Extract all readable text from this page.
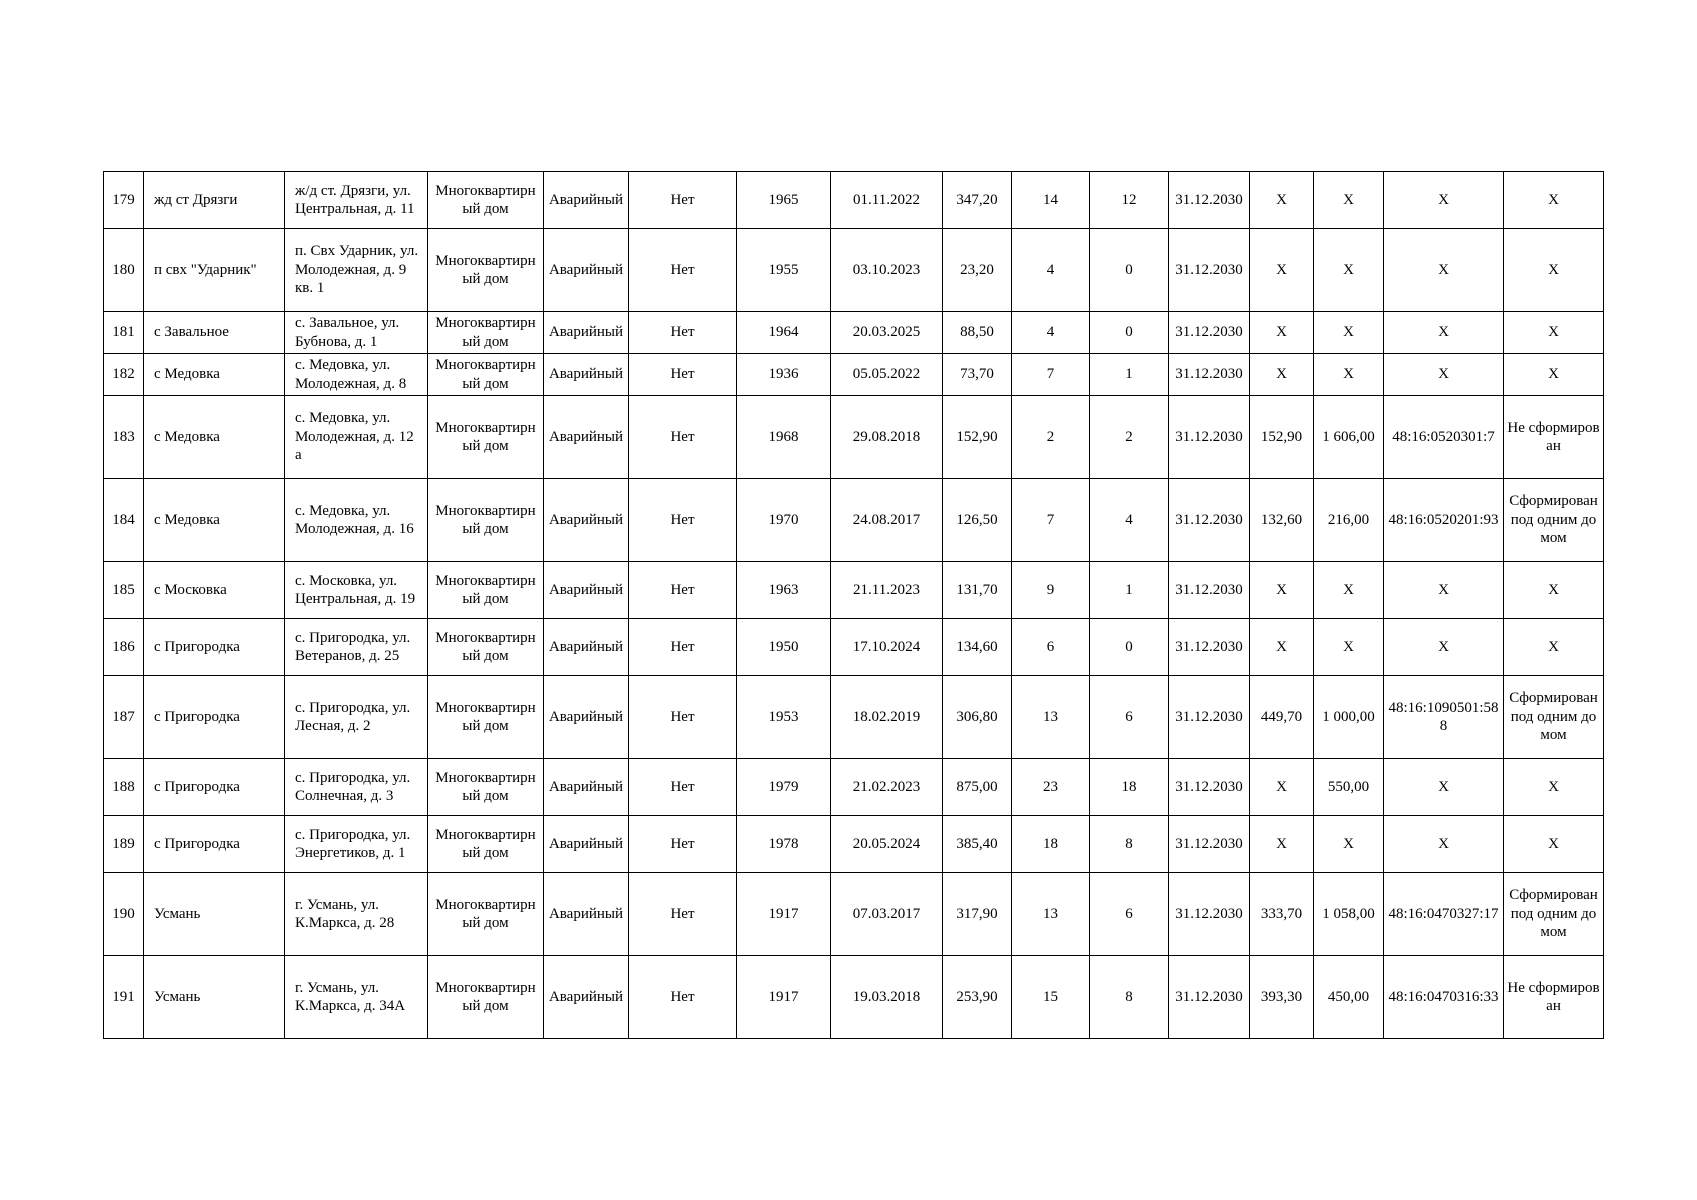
179	жд ст Дрязги	ж/д ст. Дрязги, ул. Центральная, д. 11	Многоквартирный дом	Аварийный	Нет	1965	01.11.2022	347,20	14	12	31.12.2030	X	X	X	X
180	п свх "Ударник"	п. Свх Ударник, ул. Молодежная, д. 9 кв. 1	Многоквартирный дом	Аварийный	Нет	1955	03.10.2023	23,20	4	0	31.12.2030	X	X	X	X
181	с Завальное	с. Завальное, ул. Бубнова, д. 1	Многоквартирный дом	Аварийный	Нет	1964	20.03.2025	88,50	4	0	31.12.2030	X	X	X	X
182	с Медовка	с. Медовка, ул. Молодежная, д. 8	Многоквартирный дом	Аварийный	Нет	1936	05.05.2022	73,70	7	1	31.12.2030	X	X	X	X
183	с Медовка	с. Медовка, ул. Молодежная, д. 12 а	Многоквартирный дом	Аварийный	Нет	1968	29.08.2018	152,90	2	2	31.12.2030	152,90	1 606,00	48:16:0520301:7	Не сформирован
184	с Медовка	с. Медовка, ул. Молодежная, д. 16	Многоквартирный дом	Аварийный	Нет	1970	24.08.2017	126,50	7	4	31.12.2030	132,60	216,00	48:16:0520201:93	Сформирован под одним домом
185	с Московка	с. Московка, ул. Центральная, д. 19	Многоквартирный дом	Аварийный	Нет	1963	21.11.2023	131,70	9	1	31.12.2030	X	X	X	X
186	с Пригородка	с. Пригородка, ул. Ветеранов, д. 25	Многоквартирный дом	Аварийный	Нет	1950	17.10.2024	134,60	6	0	31.12.2030	X	X	X	X
187	с Пригородка	с. Пригородка, ул. Лесная, д. 2	Многоквартирный дом	Аварийный	Нет	1953	18.02.2019	306,80	13	6	31.12.2030	449,70	1 000,00	48:16:1090501:588	Сформирован под одним домом
188	с Пригородка	с. Пригородка, ул. Солнечная, д. 3	Многоквартирный дом	Аварийный	Нет	1979	21.02.2023	875,00	23	18	31.12.2030	X	550,00	X	X
189	с Пригородка	с. Пригородка, ул. Энергетиков, д. 1	Многоквартирный дом	Аварийный	Нет	1978	20.05.2024	385,40	18	8	31.12.2030	X	X	X	X
190	Усмань	г. Усмань, ул. К.Маркса, д. 28	Многоквартирный дом	Аварийный	Нет	1917	07.03.2017	317,90	13	6	31.12.2030	333,70	1 058,00	48:16:0470327:17	Сформирован под одним домом
191	Усмань	г. Усмань, ул. К.Маркса, д. 34А	Многоквартирный дом	Аварийный	Нет	1917	19.03.2018	253,90	15	8	31.12.2030	393,30	450,00	48:16:0470316:33	Не сформирован
